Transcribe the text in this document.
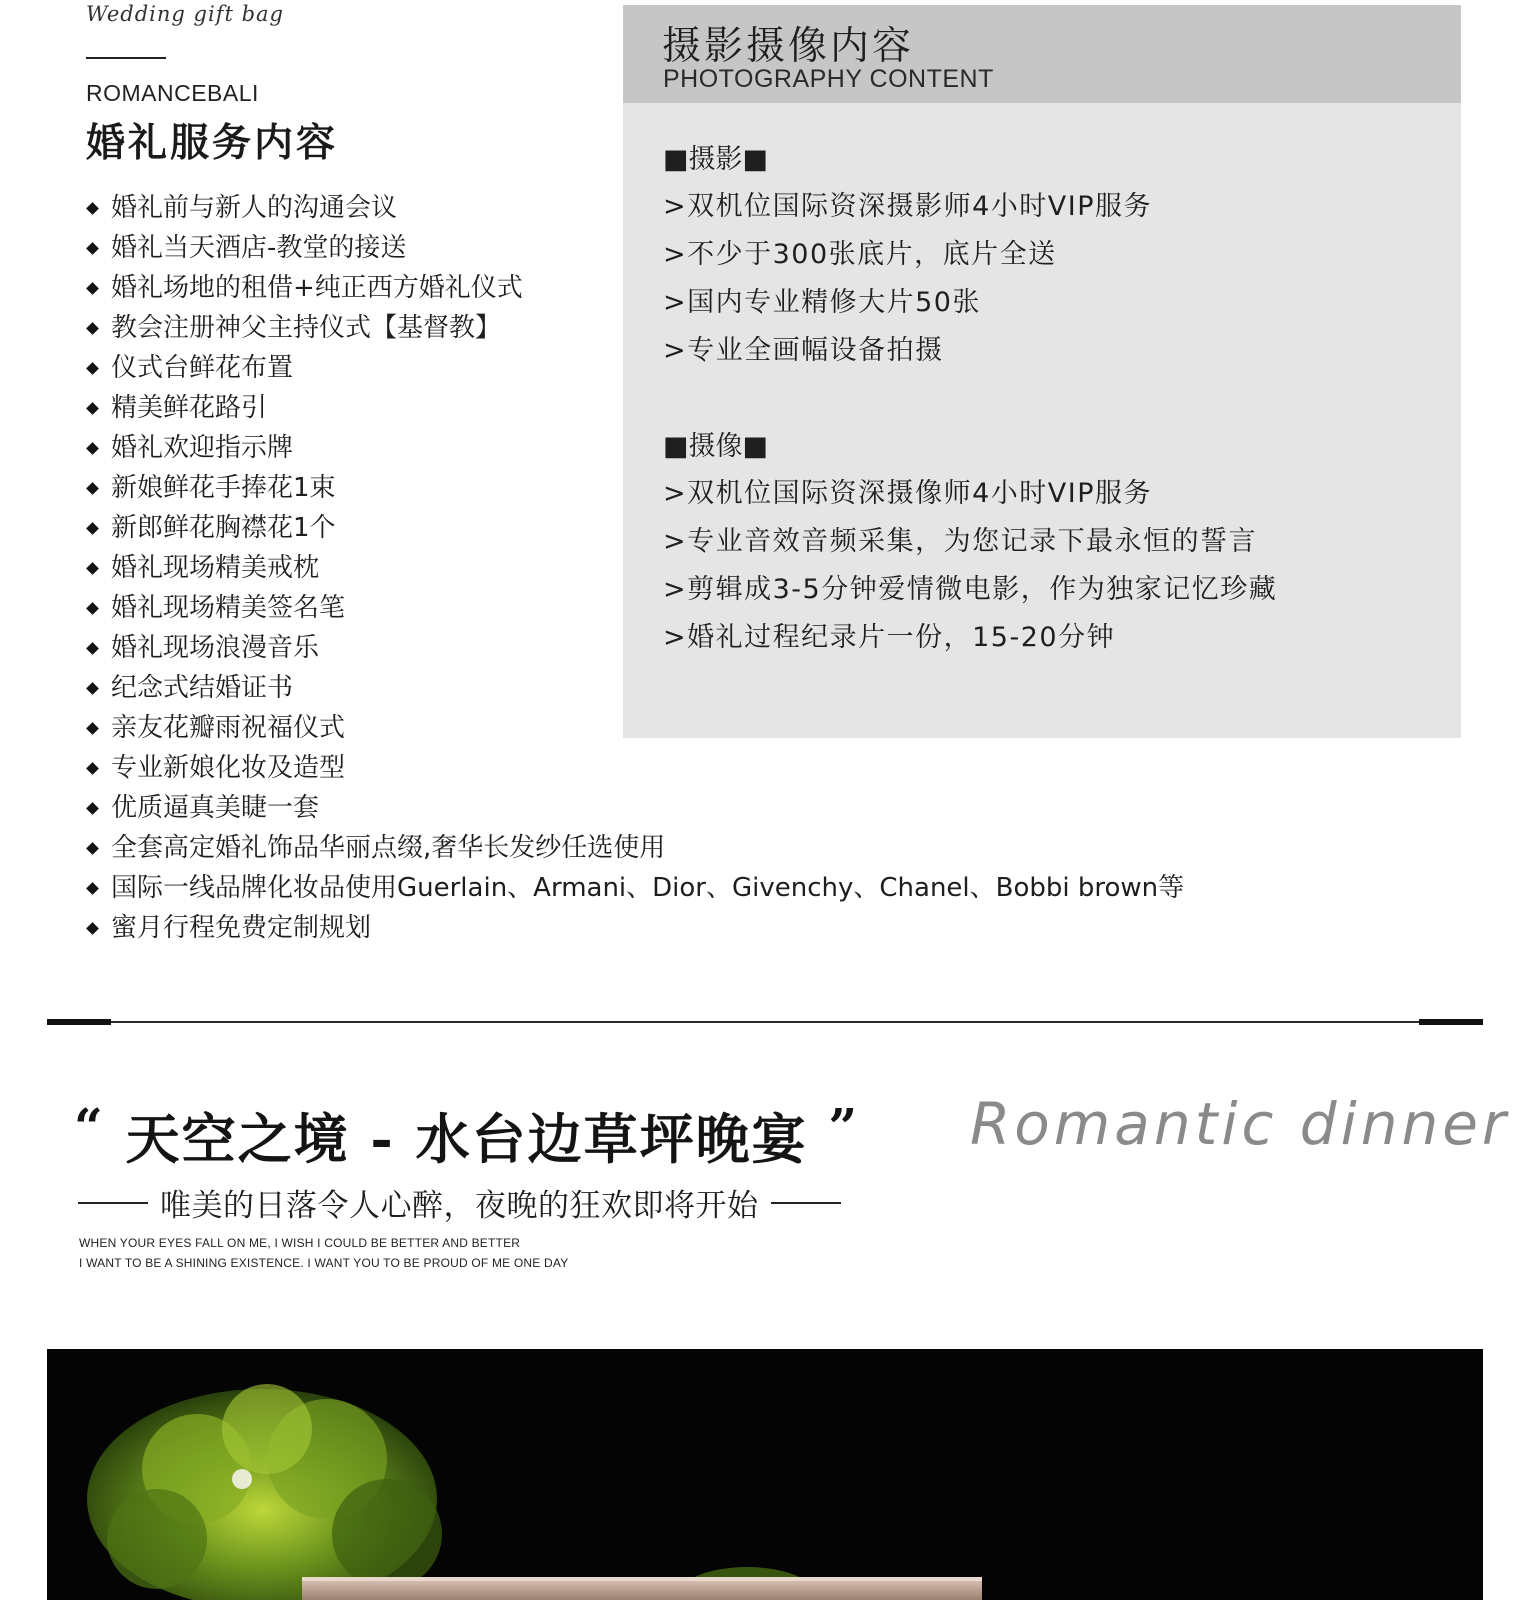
Wedding gift bag
ROMANCEBALI
婚礼服务内容
婚礼前与新人的沟通会议
婚礼当天酒店-教堂的接送
婚礼场地的租借+纯正西方婚礼仪式
教会注册神父主持仪式【基督教】
仪式台鲜花布置
精美鲜花路引
婚礼欢迎指示牌
新娘鲜花手捧花1束
新郎鲜花胸襟花1个
婚礼现场精美戒枕
婚礼现场精美签名笔
婚礼现场浪漫音乐
纪念式结婚证书
亲友花瓣雨祝福仪式
专业新娘化妆及造型
优质逼真美睫一套
全套高定婚礼饰品华丽点缀,奢华长发纱任选使用
国际一线品牌化妆品使用Guerlain、Armani、Dior、Givenchy、Chanel、Bobbi brown等
蜜月行程免费定制规划
摄影摄像内容
PHOTOGRAPHY CONTENT
■摄影■
>双机位国际资深摄影师4小时VIP服务
>不少于300张底片，底片全送
>国内专业精修大片50张
>专业全画幅设备拍摄
■摄像■
>双机位国际资深摄像师4小时VIP服务
>专业音效音频采集，为您记录下最永恒的誓言
>剪辑成3-5分钟爱情微电影，作为独家记忆珍藏
>婚礼过程纪录片一份，15-20分钟
“ 天空之境 - 水台边草坪晚宴 ” Romantic dinner
唯美的日落令人心醉，夜晚的狂欢即将开始
WHEN YOUR EYES FALL ON ME, I WISH I COULD BE BETTER AND BETTER
I WANT TO BE A SHINING EXISTENCE. I WANT YOU TO BE PROUD OF ME ONE DAY
